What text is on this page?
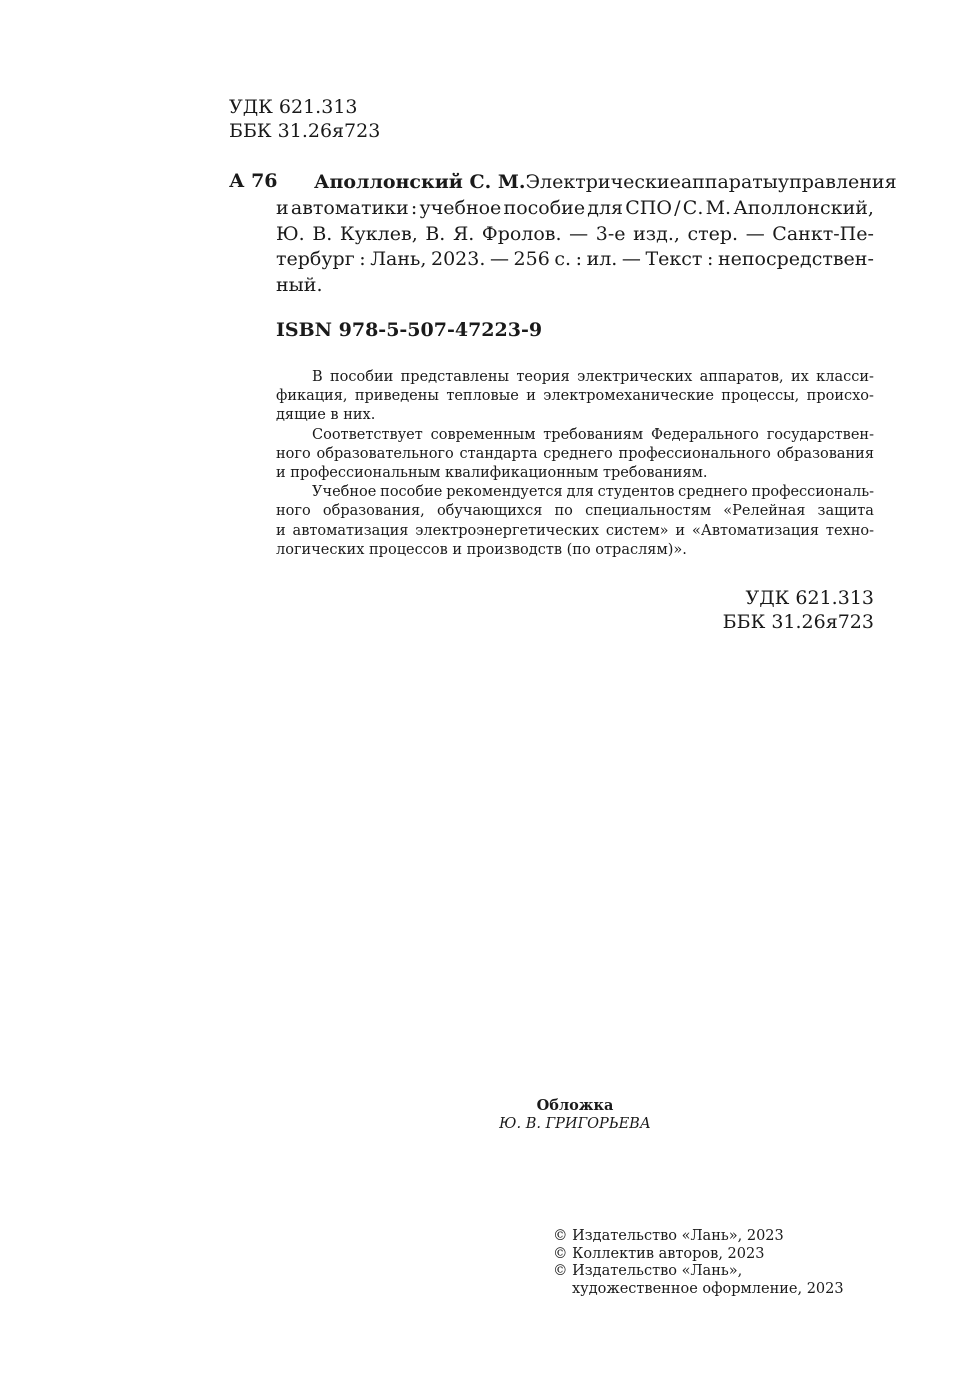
УДК 621.313
ББК 31.26я723
А 76 Аполлонский С. М. Электрические аппараты управления
и автоматики : учебное пособие для СПО / С. М. Аполлонский,
Ю. В. Куклев, В. Я. Фролов. — 3-е изд., стер. — Санкт-Пе-
тербург : Лань, 2023. — 256 с. : ил. — Текст : непосредствен-
ный.
ISBN 978-5-507-47223-9
В пособии представлены теория электрических аппаратов, их класси-
фикация, приведены тепловые и электромеханические процессы, происхо-
дящие в них.
Соответствует современным требованиям Федерального государствен-
ного образовательного стандарта среднего профессионального образования
и профессиональным квалификационным требованиям.
Учебное пособие рекомендуется для студентов среднего профессиональ-
ного образования, обучающихся по специальностям «Релейная защита
и автоматизация электроэнергетических систем» и «Автоматизация техно-
логических процессов и производств (по отраслям)».
УДК 621.313
ББК 31.26я723
Обложка
Ю. В. ГРИГОРЬЕВА
© Издательство «Лань», 2023
© Коллектив авторов, 2023
© Издательство «Лань»,
художественное оформление, 2023
